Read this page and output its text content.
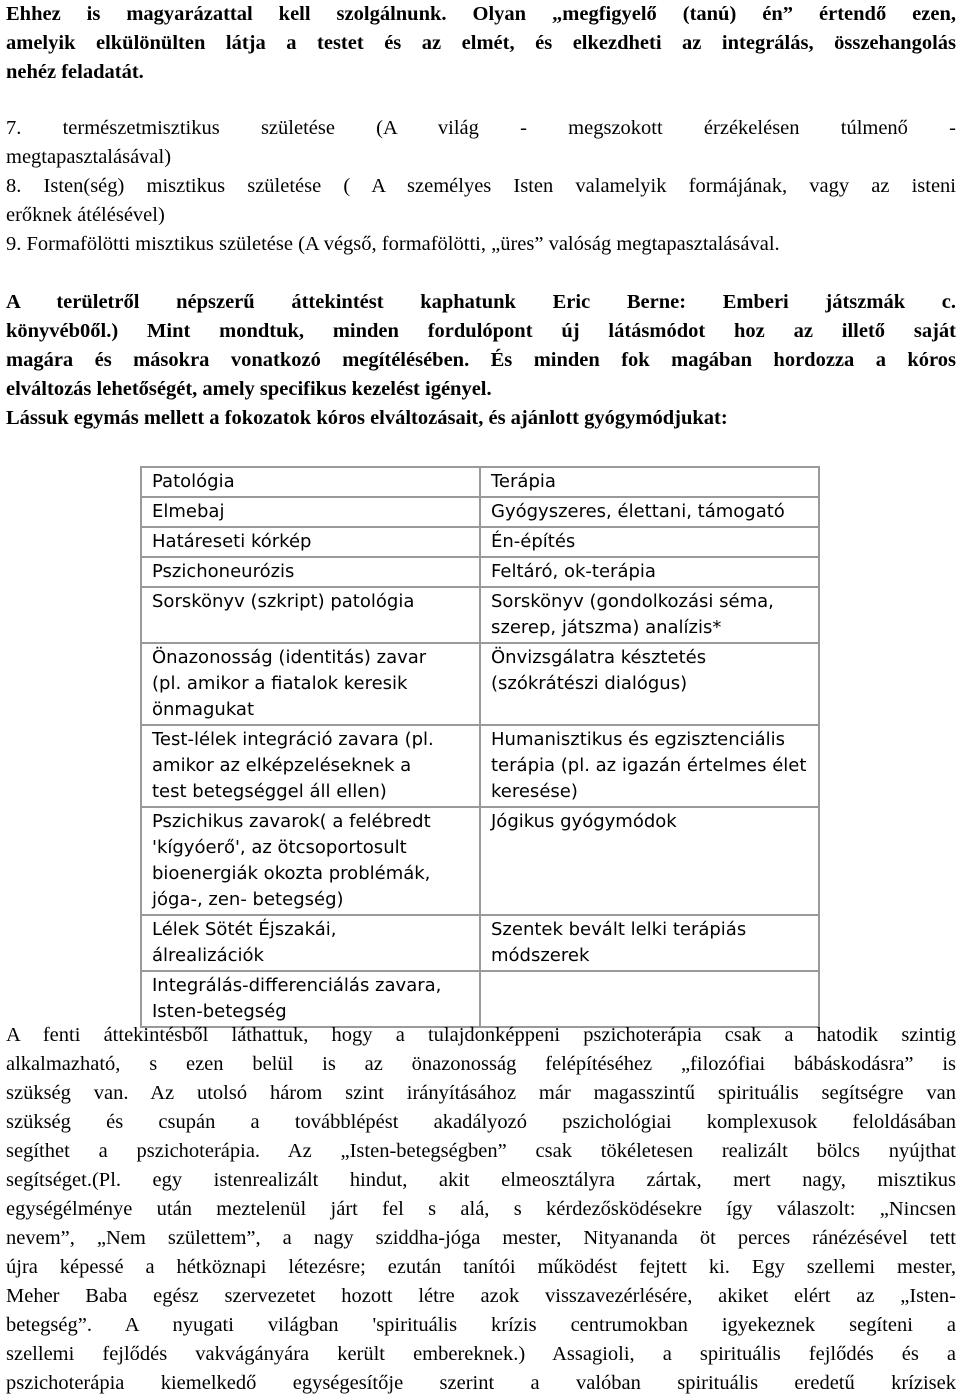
Ehhez is magyarázattal kell szolgálnunk. Olyan „megfigyelő (tanú) én” értendő ezen,
amelyik elkülönülten látja a testet és az elmét, és elkezdheti az integrálás, összehangolás
nehéz feladatát.
7. természetmisztikus születése (A világ - megszokott érzékelésen túlmenő -
megtapasztalásával)
8. Isten(ség) misztikus születése ( A személyes Isten valamelyik formájának, vagy az isteni
erőknek átélésével)
9. Formafölötti misztikus születése (A végső, formafölötti, „üres” valóság megtapasztalásával.
A területről népszerű áttekintést kaphatunk Eric Berne: Emberi játszmák c.
könyvéb0ől.) Mint mondtuk, minden fordulópont új látásmódot hoz az illető saját
magára és másokra vonatkozó megítélésében. És minden fok magában hordozza a kóros
elváltozás lehetőségét, amely specifikus kezelést igényel.
Lássuk egymás mellett a fokozatok kóros elváltozásait, és ajánlott gyógymódjukat:
Patológia	Terápia
Elmebaj	Gyógyszeres, élettani, támogató
Határeseti kórkép	Én-építés
Pszichoneurózis	Feltáró, ok-terápia
Sorskönyv (szkript) patológia	Sorskönyv (gondolkozási séma,
szerep, játszma) analízis*
Önazonosság (identitás) zavar
(pl. amikor a fiatalok keresik
önmagukat	Önvizsgálatra késztetés
(szókrátészi dialógus)
Test-lélek integráció zavara (pl.
amikor az elképzeléseknek a
test betegséggel áll ellen)	Humanisztikus és egzisztenciális
terápia (pl. az igazán értelmes élet
keresése)
Pszichikus zavarok( a felébredt
'kígyóerő', az ötcsoportosult
bioenergiák okozta problémák,
jóga-, zen- betegség)	Jógikus gyógymódok
Lélek Sötét Éjszakái,
álrealizációk	Szentek bevált lelki terápiás
módszerek
Integrálás-differenciálás zavara,
Isten-betegség	
A fenti áttekintésből láthattuk, hogy a tulajdonképpeni pszichoterápia csak a hatodik szintig
alkalmazható, s ezen belül is az önazonosság felépítéséhez „filozófiai bábáskodásra” is
szükség van. Az utolsó három szint irányításához már magasszintű spirituális segítségre van
szükség és csupán a továbblépést akadályozó pszichológiai komplexusok feloldásában
segíthet a pszichoterápia. Az „Isten-betegségben” csak tökéletesen realizált bölcs nyújthat
segítséget.(Pl. egy istenrealizált hindut, akit elmeosztályra zártak, mert nagy, misztikus
egységélménye után meztelenül járt fel s alá, s kérdezősködésekre így válaszolt: „Nincsen
nevem”, „Nem születtem”, a nagy sziddha-jóga mester, Nityananda öt perces ránézésével tett
újra képessé a hétköznapi létezésre; ezután tanítói működést fejtett ki. Egy szellemi mester,
Meher Baba egész szervezetet hozott létre azok visszavezérlésére, akiket elért az „Isten-
betegség”. A nyugati világban 'spirituális krízis centrumokban igyekeznek segíteni a
szellemi fejlődés vakvágányára került embereknek.) Assagioli, a spirituális fejlődés és a
pszichoterápia kiemelkedő egységesítője szerint a valóban spirituális eredetű krízisek
